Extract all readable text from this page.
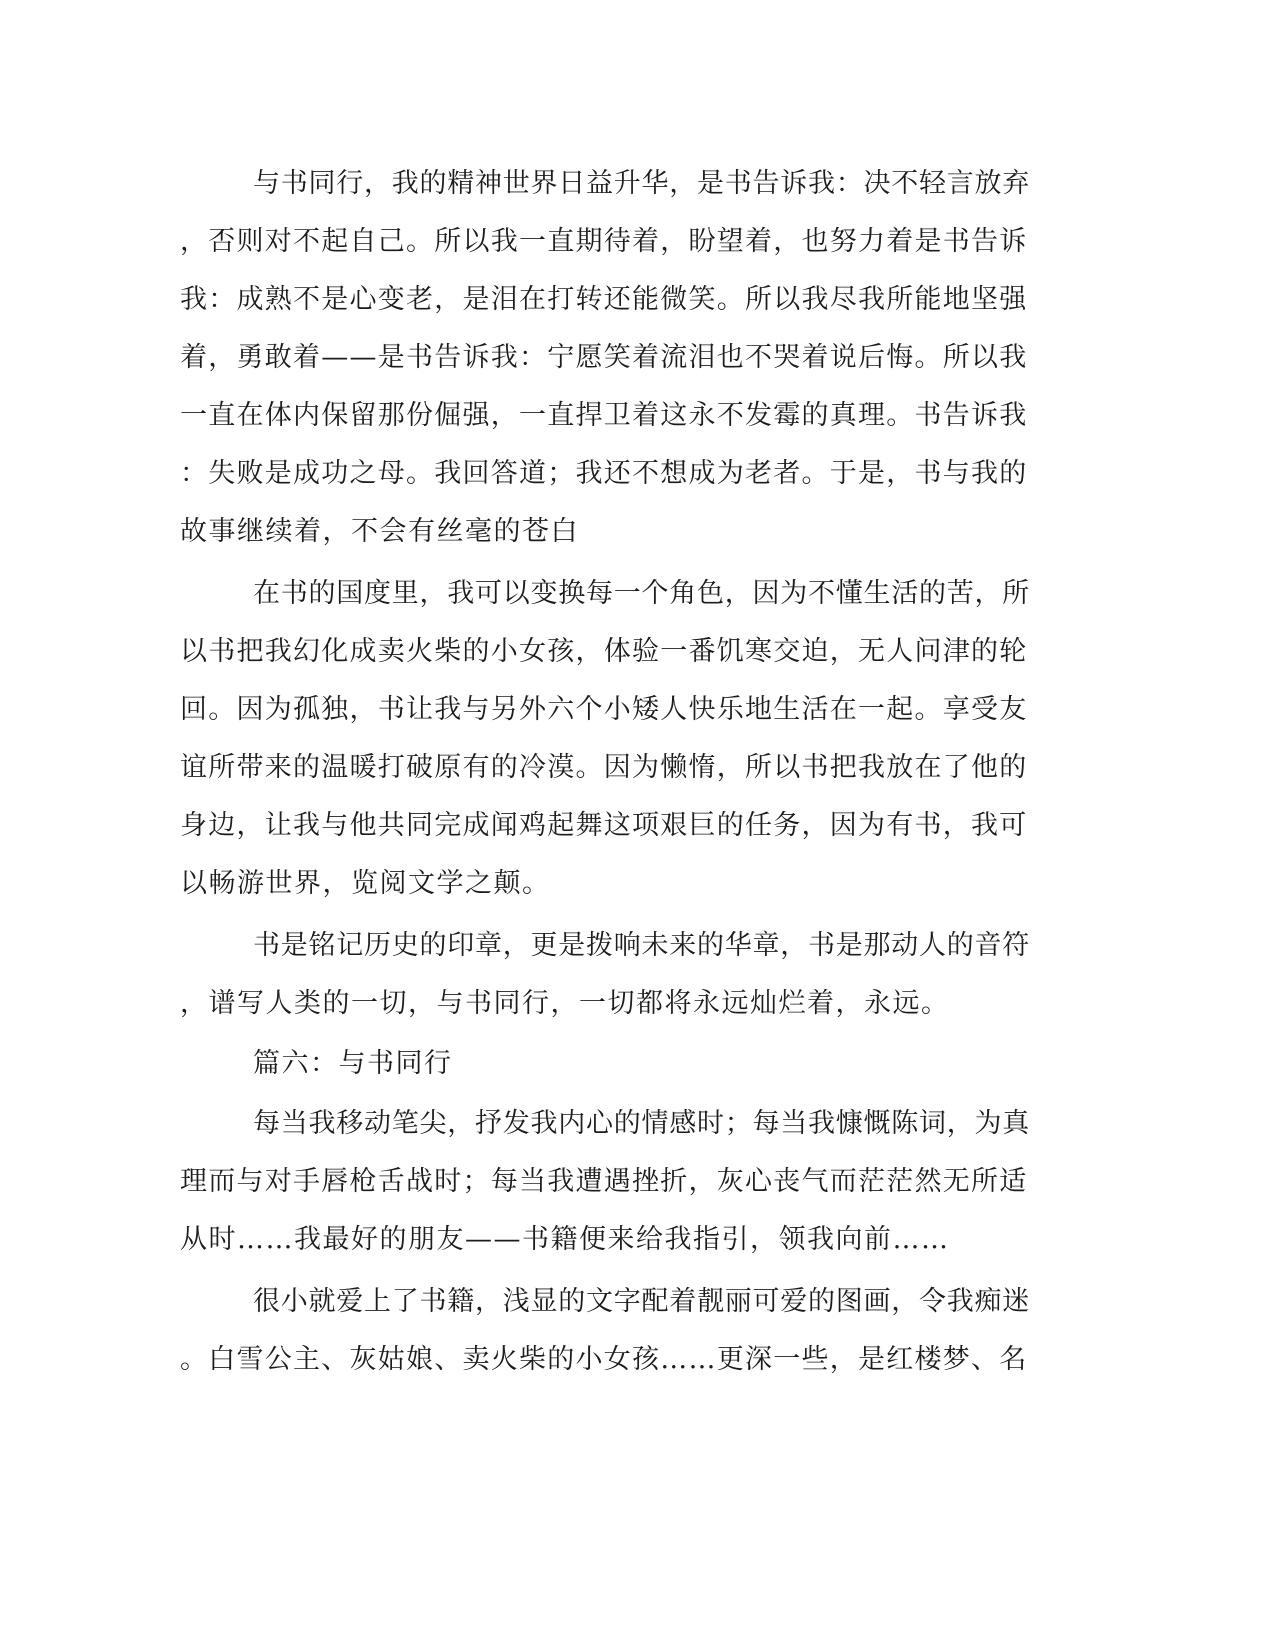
与书同行，我的精神世界日益升华，是书告诉我：决不轻言放弃
，否则对不起自己。所以我一直期待着，盼望着，也努力着是书告诉
我：成熟不是心变老，是泪在打转还能微笑。所以我尽我所能地坚强
着，勇敢着——是书告诉我：宁愿笑着流泪也不哭着说后悔。所以我
一直在体内保留那份倔强，一直捍卫着这永不发霉的真理。书告诉我
：失败是成功之母。我回答道；我还不想成为老者。于是，书与我的
故事继续着，不会有丝毫的苍白
在书的国度里，我可以变换每一个角色，因为不懂生活的苦，所
以书把我幻化成卖火柴的小女孩，体验一番饥寒交迫，无人问津的轮
回。因为孤独，书让我与另外六个小矮人快乐地生活在一起。享受友
谊所带来的温暖打破原有的冷漠。因为懒惰，所以书把我放在了他的
身边，让我与他共同完成闻鸡起舞这项艰巨的任务，因为有书，我可
以畅游世界，览阅文学之颠。
书是铭记历史的印章，更是拨响未来的华章，书是那动人的音符
，谱写人类的一切，与书同行，一切都将永远灿烂着，永远。
篇六：与书同行
每当我移动笔尖，抒发我内心的情感时；每当我慷慨陈词，为真
理而与对手唇枪舌战时；每当我遭遇挫折，灰心丧气而茫茫然无所适
从时……我最好的朋友——书籍便来给我指引，领我向前……
很小就爱上了书籍，浅显的文字配着靓丽可爱的图画，令我痴迷
。白雪公主、灰姑娘、卖火柴的小女孩……更深一些，是红楼梦、名
